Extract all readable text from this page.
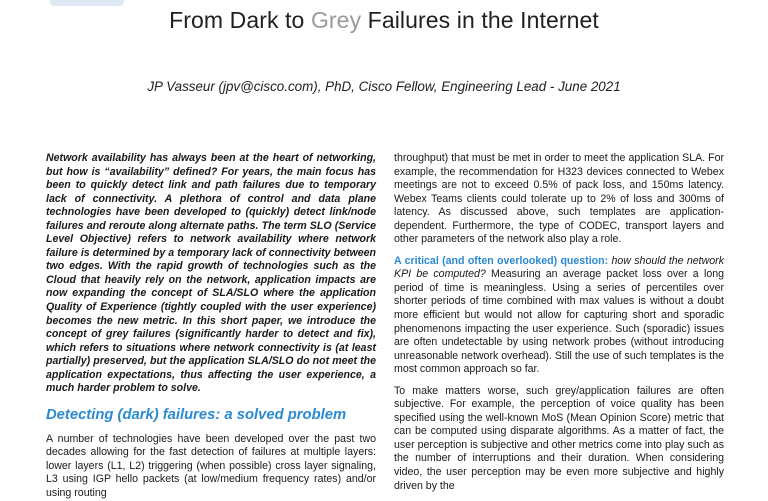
From Dark to Grey Failures in the Internet
JP Vasseur (jpv@cisco.com), PhD, Cisco Fellow, Engineering Lead - June 2021

Network availability has always been at the heart of networking, but how is “availability” defined? For years, the main focus has been to quickly detect link and path failures due to temporary lack of connectivity. A plethora of control and data plane technologies have been developed to (quickly) detect link/node failures and reroute along alternate paths. The term SLO (Service Level Objective) refers to network availability where network failure is determined by a temporary lack of connectivity between two edges. With the rapid growth of technologies such as the Cloud that heavily rely on the network, application impacts are now expanding the concept of SLA/SLO where the application Quality of Experience (tightly coupled with the user experience) becomes the new metric. In this short paper, we introduce the concept of grey failures (significantly harder to detect and fix), which refers to situations where network connectivity is (at least partially) preserved, but the application SLA/SLO do not meet the application expectations, thus affecting the user experience, a much harder problem to solve.

Detecting (dark) failures: a solved problem

A number of technologies have been developed over the past two decades allowing for the fast detection of failures at multiple layers: lower layers (L1, L2) triggering (when possible) cross layer signaling, L3 using IGP hello packets (at low/medium frequency rates) and/or using routing

throughput) that must be met in order to meet the application SLA. For example, the recommendation for H323 devices connected to Webex meetings are not to exceed 0.5% of pack loss, and 150ms latency. Webex Teams clients could tolerate up to 2% of loss and 300ms of latency. As discussed above, such templates are application-dependent. Furthermore, the type of CODEC, transport layers and other parameters of the network also play a role.

A critical (and often overlooked) question: how should the network KPI be computed? Measuring an average packet loss over a long period of time is meaningless. Using a series of percentiles over shorter periods of time combined with max values is without a doubt more efficient but would not allow for capturing short and sporadic phenomenons impacting the user experience. Such (sporadic) issues are often undetectable by using network probes (without introducing unreasonable network overhead). Still the use of such templates is the most common approach so far.

To make matters worse, such grey/application failures are often subjective. For example, the perception of voice quality has been specified using the well-known MoS (Mean Opinion Score) metric that can be computed using disparate algorithms. As a matter of fact, the user perception is subjective and other metrics come into play such as the number of interruptions and their duration. When considering video, the user perception may be even more subjective and highly driven by the
